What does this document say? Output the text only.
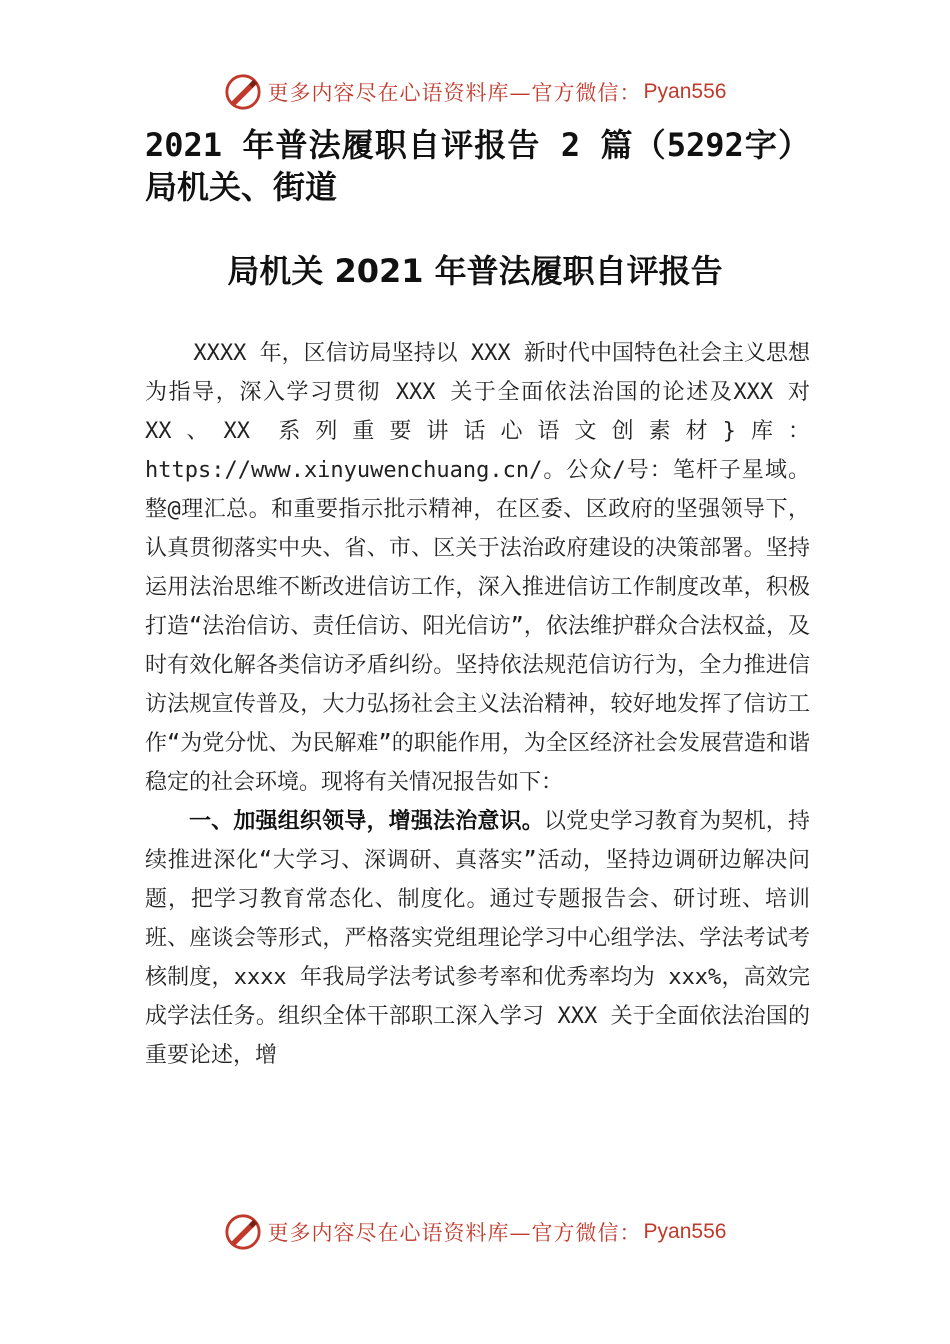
更多内容尽在心语资料库—官方微信： Pyan556
2021 年普法履职自评报告 2 篇（5292字） 局机关、街道
局机关 2021 年普法履职自评报告

XXXX 年，区信访局坚持以 XXX 新时代中国特色社会主义思想为指导，深入学习贯彻 XXX 关于全面依法治国的论述及XXX 对 XX、XX 系列重要讲话心语文创素材}库：https://www.xinyuwenchuang.cn/。公众/号：笔杆子星域。整@理汇总。和重要指示批示精神，在区委、区政府的坚强领导下，认真贯彻落实中央、省、市、区关于法治政府建设的决策部署。坚持运用法治思维不断改进信访工作，深入推进信访工作制度改革，积极打造“法治信访、责任信访、阳光信访”，依法维护群众合法权益，及时有效化解各类信访矛盾纠纷。坚持依法规范信访行为，全力推进信访法规宣传普及，大力弘扬社会主义法治精神，较好地发挥了信访工作“为党分忧、为民解难”的职能作用，为全区经济社会发展营造和谐稳定的社会环境。现将有关情况报告如下：

一、加强组织领导，增强法治意识。以党史学习教育为契机，持续推进深化“大学习、深调研、真落实”活动，坚持边调研边解决问题，把学习教育常态化、制度化。通过专题报告会、研讨班、培训班、座谈会等形式，严格落实党组理论学习中心组学法、学法考试考核制度，xxxx 年我局学法考试参考率和优秀率均为 xxx%，高效完成学法任务。组织全体干部职工深入学习 XXX 关于全面依法治国的重要论述，增

更多内容尽在心语资料库—官方微信： Pyan556
